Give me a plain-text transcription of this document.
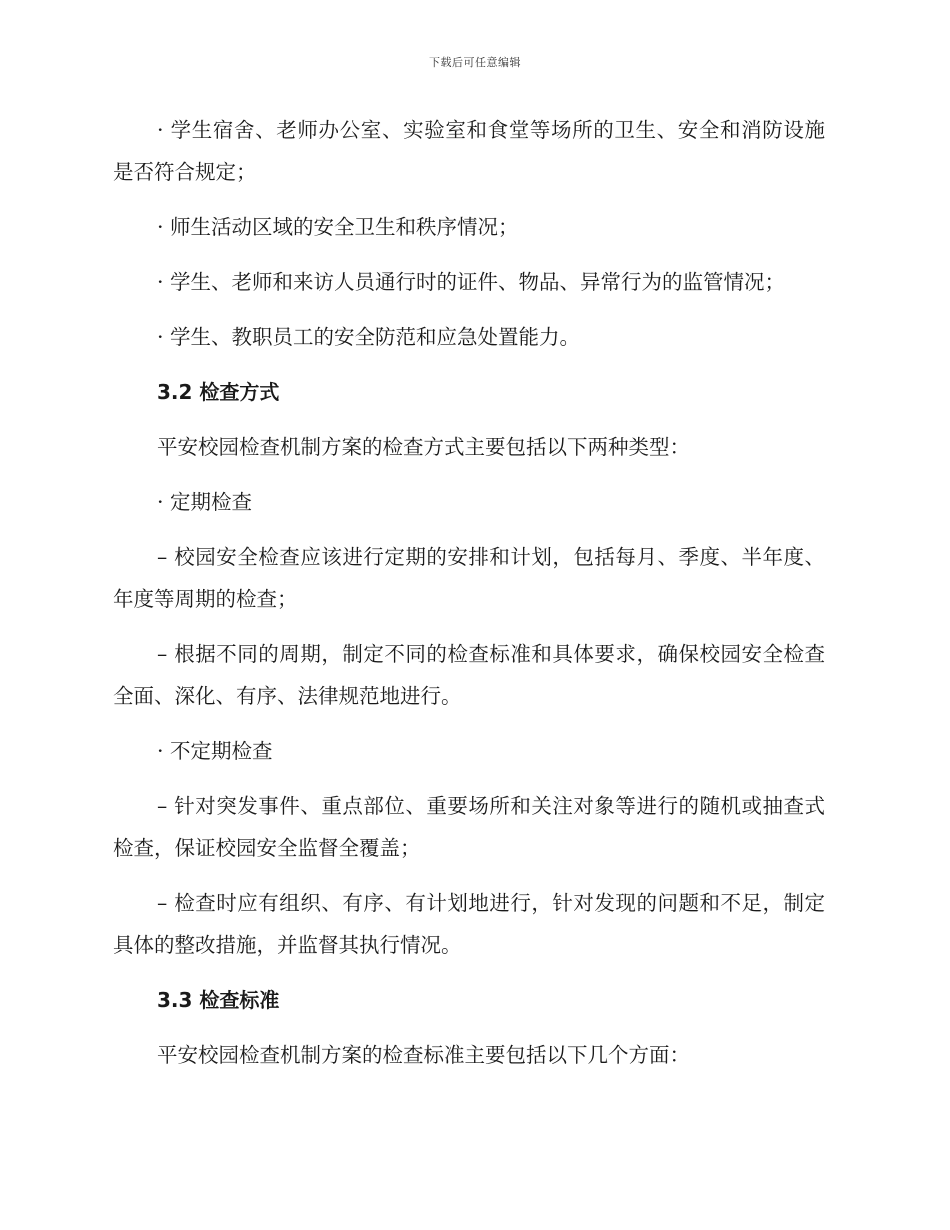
下载后可任意编辑

· 学生宿舍、老师办公室、实验室和食堂等场所的卫生、安全和消防设施是否符合规定；

· 师生活动区域的安全卫生和秩序情况；

· 学生、老师和来访人员通行时的证件、物品、异常行为的监管情况；

· 学生、教职员工的安全防范和应急处置能力。

3.2 检查方式

平安校园检查机制方案的检查方式主要包括以下两种类型：

· 定期检查

– 校园安全检查应该进行定期的安排和计划，包括每月、季度、半年度、年度等周期的检查；

– 根据不同的周期，制定不同的检查标准和具体要求，确保校园安全检查全面、深化、有序、法律规范地进行。

· 不定期检查

– 针对突发事件、重点部位、重要场所和关注对象等进行的随机或抽查式检查，保证校园安全监督全覆盖；

– 检查时应有组织、有序、有计划地进行，针对发现的问题和不足，制定具体的整改措施，并监督其执行情况。

3.3 检查标准

平安校园检查机制方案的检查标准主要包括以下几个方面：
